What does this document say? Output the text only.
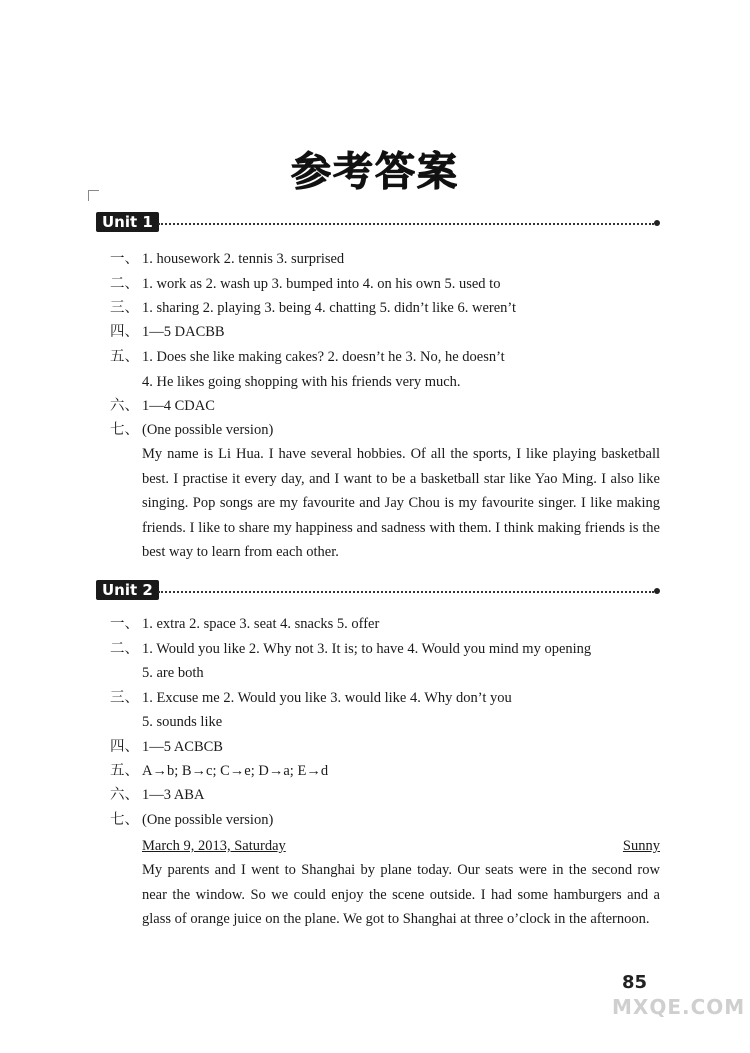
参考答案
Unit 1
一、 1. housework 2. tennis 3. surprised
二、 1. work as 2. wash up 3. bumped into 4. on his own 5. used to
三、 1. sharing 2. playing 3. being 4. chatting 5. didn’t like 6. weren’t
四、 1—5 DACBB
五、 1. Does she like making cakes? 2. doesn’t he 3. No, he doesn’t
4. He likes going shopping with his friends very much.
六、 1—4 CDAC
七、 (One possible version)
My name is Li Hua. I have several hobbies. Of all the sports, I like playing basketball best. I practise it every day, and I want to be a basketball star like Yao Ming. I also like singing. Pop songs are my favourite and Jay Chou is my favourite singer. I like making friends. I like to share my happiness and sadness with them. I think making friends is the best way to learn from each other.
Unit 2
一、 1. extra 2. space 3. seat 4. snacks 5. offer
二、 1. Would you like 2. Why not 3. It is; to have 4. Would you mind my opening
5. are both
三、 1. Excuse me 2. Would you like 3. would like 4. Why don’t you
5. sounds like
四、 1—5 ACBCB
五、 A→b; B→c; C→e; D→a; E→d
六、 1—3 ABA
七、 (One possible version)
March 9, 2013, Saturday	Sunny
My parents and I went to Shanghai by plane today. Our seats were in the second row near the window. So we could enjoy the scene outside. I had some hamburgers and a glass of orange juice on the plane. We got to Shanghai at three o’clock in the afternoon.
85
MXQE.COM
